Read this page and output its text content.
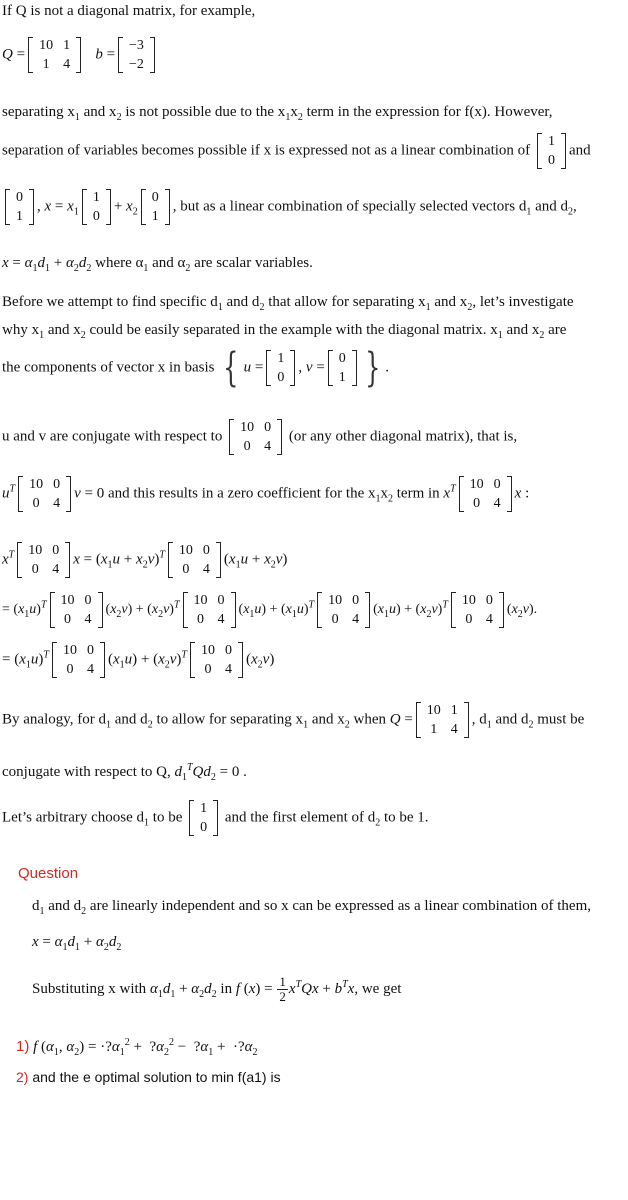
If Q is not a diagonal matrix, for example,
Q =
10	1
1	4
b =
−3
−2
separating $x_1$ and $x_2$ is not possible due to the $x_1x_2$ term in the expression for f(x). However,
separation of variables becomes possible if x is expressed not as a linear combination of
1
0
and
0
1
, $x = x_1$
1
0
+ $x_2$
0
1
, but as a linear combination of specially selected vectors $d_1$ and $d_2$,
$x = \alpha_1d_1 + \alpha_2d_2$ where $\alpha_1$ and $\alpha_2$ are scalar variables.
Before we attempt to find specific $d_1$ and $d_2$ that allow for separating $x_1$ and $x_2$, let’s investigate
why $x_1$ and $x_2$ could be easily separated in the example with the diagonal matrix. $x_1$ and $x_2$ are
the components of vector x in basis { u =
1
0
, v =
0
1 } .
u and v are conjugate with respect to
10	0
0	4
(or any other diagonal matrix), that is,
$u^T$ 10	0
0	4
v = 0 and this results in a zero coefficient for the $x_1x_2$ term in $x^T$ 10	0
0	4
x :
$x^T$ 10	0
0	4
$x = (x_1u + x_2v)^T$ 10	0
0	4
$(x_1u + x_2v)$
= $(x_1u)^T$ 10	0
0	4
$(x_2v) + (x_2v)^T$ 10	0
0	4
$(x_1u) + (x_1u)^T$ 10	0
0	4
$(x_1u) + (x_2v)^T$ 10	0
0	4
$(x_2v)$.
= $(x_1u)^T$ 10	0
0	4
$(x_1u) + (x_2v)^T$ 10	0
0	4
$(x_2v)$
By analogy, for $d_1$ and $d_2$ to allow for separating $x_1$ and $x_2$ when Q =
10	1
1	4
, $d_1$ and $d_2$ must be
conjugate with respect to Q, $d_1^TQd_2 = 0$ .
Let’s arbitrary choose $d_1$ to be
1
0
and the first element of $d_2$ to be 1.
Question
$d_1$ and $d_2$ are linearly independent and so x can be expressed as a linear combination of them,
$x = \alpha_1d_1 + \alpha_2d_2$
Substituting x with $\alpha_1d_1 + \alpha_2d_2$ in f $(x) = \frac{1}{2} x^TQx + b^Tx$, we get
1) f ($\alpha_1$, $\alpha_2$) = $\cdot?\alpha_1^2$ +  $?\alpha_2^2$ −  $?\alpha_1$ +  $\cdot?\alpha_2$
2) and the e optimal solution to min f(a1) is
